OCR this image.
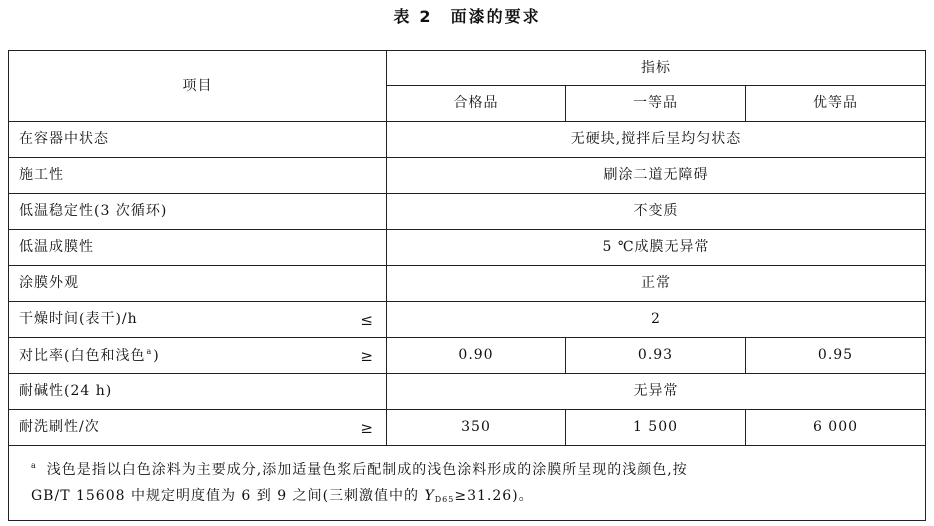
表 2 面漆的要求
项目	指标		
	合格品	一等品	优等品
在容器中状态	无硬块,搅拌后呈均匀状态		
施工性	刷涂二道无障碍		
低温稳定性(3 次循环)	不变质		
低温成膜性	5 ℃成膜无异常		
涂膜外观	正常		
干燥时间(表干)/h ≤	2		
对比率(白色和浅色$^a$) ≥	0.90	0.93	0.95
耐碱性(24 h)	无异常		
耐洗刷性/次 ≥	350	1 500	6 000
$^a$ 浅色是指以白色涂料为主要成分,添加适量色浆后配制成的浅色涂料形成的涂膜所呈现的浅颜色,按
GB/T 15608 中规定明度值为 6 到 9 之间(三刺激值中的 $Y_{D65}\ge 31.26$)。			
